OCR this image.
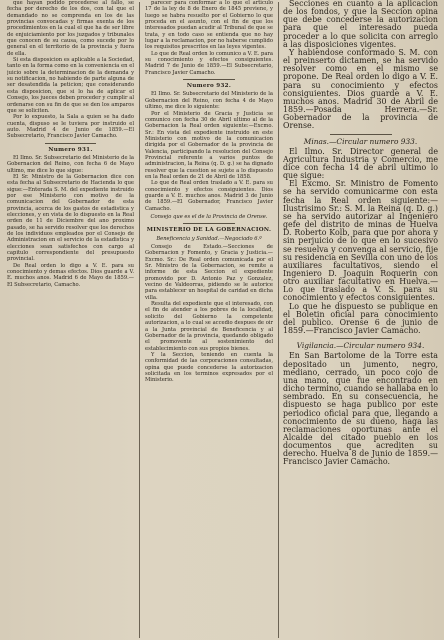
que hayan podido procederse al fallo, se fecha por derecho de los dos, con tal que el demandado no se comprenda en los de las provincias convocadas y firmas exenta de los procedimientos en la cual el que ha de ser libre de enjuiciamiento por los juzgados y tribunales que conocen de su causa, como sucede por lo general en el territorio de la provincia y fuera de ella.

Si esta disposicion es aplicable a la Sociedad, tanto en la forma como en la conveniencia en el juicio sobre la determinacion de la demanda y su notificacion, no habiendo de parte alguna de ser desatendida la peticion; que considerando esta disposicion, que si lo ha de aplicar el Consejo, los jueces deben proceder y cumplir al ordenarse con su fin de que se den los amparos que se soliciten.

Por lo expuesto, la Sala a quien se ha dado cuenta, dispuso se le tuviera por instruido el auto. Madrid 4 de Junio de 1859.—El Subsecretario, Francisco Javier Camacho.

Numero 931.

El Ilmo. Sr. Subsecretario del Ministerio de la Gobernacion del Reino, con fecha 6 de Mayo ultimo, me dice lo que sigue:

El Sr. Ministro de la Gobernacion dice con esta fecha al Subsecretario de Hacienda lo que sigue:—Enterada S. M. del expediente instruido por ese Ministerio con motivo de la comunicacion del Gobernador de esta provincia, acerca de los gastos de estadistica y elecciones, y en vista de lo dispuesto en la Real orden de 11 de Diciembre del ano proximo pasado, se ha servido resolver que los derechos de los individuos empleados por el Consejo de Administracion en el servicio de la estadistica y elecciones sean satisfechos con cargo al capitulo correspondiente del presupuesto provincial.

De Real orden lo digo a V. E. para su conocimiento y demas efectos. Dios guarde a V. E. muchos anos. Madrid 6 de Mayo de 1859.—El Subsecretario, Camacho.

parecer para conformar a lo que el articulo 17 de la ley de 8 de Enero de 1845 previene, y luego se habra resuelto por el Gobierno lo que proceda en el asunto, con el fin de que los interesados puedan acudir al Tribunal de que se trata, y en todo caso se entienda que no hay lugar a la reclamacion, por no haberse cumplido los requisitos prescritos en las leyes vigentes.

Lo que de Real orden lo comunico a V. E. para su conocimiento y efectos consiguientes. Madrid 7 de Junio de 1859.—El Subsecretario, Francisco Javier Camacho.

Numero 932.

El Ilmo. Sr. Subsecretario del Ministerio de la Gobernacion del Reino, con fecha 4 de Mayo ultimo, me dice lo siguiente:

Por el Ministerio de Gracia y Justicia se comunico con fecha 30 de Abril ultimo al de la Gobernacion la Real orden siguiente:—Excmo. Sr.: En vista del expediente instruido en este Ministerio con motivo de la comunicacion dirigida por el Gobernador de la provincia de Valencia, participando la resolucion del Consejo Provincial referente a varios puntos de administracion, la Reina (q. D. g.) se ha dignado resolver que la cuestion se sujete a lo dispuesto en la Real orden de 21 de Abril de 1858.

Lo que de Real orden traslado a V. E. para su conocimiento y efectos consiguientes. Dios guarde a V. E. muchos anos. Madrid 3 de Junio de 1859.—El Gobernador, Francisco Javier Camacho.

Consejo que es el de la Provincia de Orense.
MINISTERIO DE LA GOBERNACION.
Beneficencia y Sanidad.—Negociado 6.º

Consejo de Estado.—Secciones de Gobernacion y Fomento, y Gracia y Justicia.—Excmo. Sr.: De Real orden comunicada por el Sr. Ministro de la Gobernacion, se remite a informe de esta Seccion el expediente promovido por D. Antonio Paz y Gonzalez, vecino de Valdeorras, pidiendo se le autorice para establecer un hospital de caridad en dicha villa.

Resulta del expediente que el interesado, con el fin de atender a los pobres de la localidad, solicito del Gobierno la competente autorizacion, a lo cual se accedio despues de oir a la Junta provincial de Beneficencia y al Gobernador de la provincia, quedando obligado el promovente al sostenimiento del establecimiento con sus propios bienes.

Y la Seccion, teniendo en cuenta la conformidad de las corporaciones consultadas, opina que puede concederse la autorizacion solicitada en los terminos expresados por el Ministerio.

Secciones en cuanto a la aplicacion de los fondos, y que la Seccion opina que debe concederse la autorizacion para que el interesado pueda proceder a lo que solicita con arreglo a las disposiciones vigentes.

Y habiendose conformado S. M. con el preinserto dictamen, se ha servido resolver como en el mismo se propone. De Real orden lo digo a V. E. para su conocimiento y efectos consiguientes. Dios guarde a V. E. muchos anos. Madrid 30 de Abril de 1859.—Posada Herrera.—Sr. Gobernador de la provincia de Orense.

Minas.—Circular numero 933.

El Ilmo. Sr. Director general de Agricultura Industria y Comercio, me dice con fecha 14 de abril ultimo lo que sigue:

El Excmo. Sr. Ministro de Fomento se ha servido comunicarme con esta fecha la Real orden siguiente:—Ilustrisimo Sr.: S. M. la Reina (q. D. g.) se ha servido autorizar al Ingeniero gefe del distrito de minas de Huelva D. Roberto Kolb, para que por ahora y sin perjuicio de lo que en lo sucesivo se resuelva y convenga al servicio, fije su residencia en Sevilla con uno de los auxiliares facultativos, siendo el Ingeniero D. Joaquin Roquerin con otro auxiliar facultativo en Huelva.—Lo que traslado a V. S. para su conocimiento y efectos consiguientes.

Lo que he dispuesto se publique en el Boletin oficial para conocimiento del publico. Orense 6 de junio de 1859.—Francisco Javier Camacho.

Vigilancia.—Circular numero 934.

En San Bartolome de la Torre esta depositado un jumento, negro, mediano, cerrado, un poco cojo de una mano, que fue encontrado en dicho termino, cuando se hallaba en lo sembrado. En su consecuencia, he dispuesto se haga publico por este periodico oficial para que, llegando a conocimiento de su dueno, haga las reclamaciones oportunas ante el Alcalde del citado pueblo en los documentos que acrediten su derecho. Huelva 8 de Junio de 1859.—Francisco Javier Camacho.
